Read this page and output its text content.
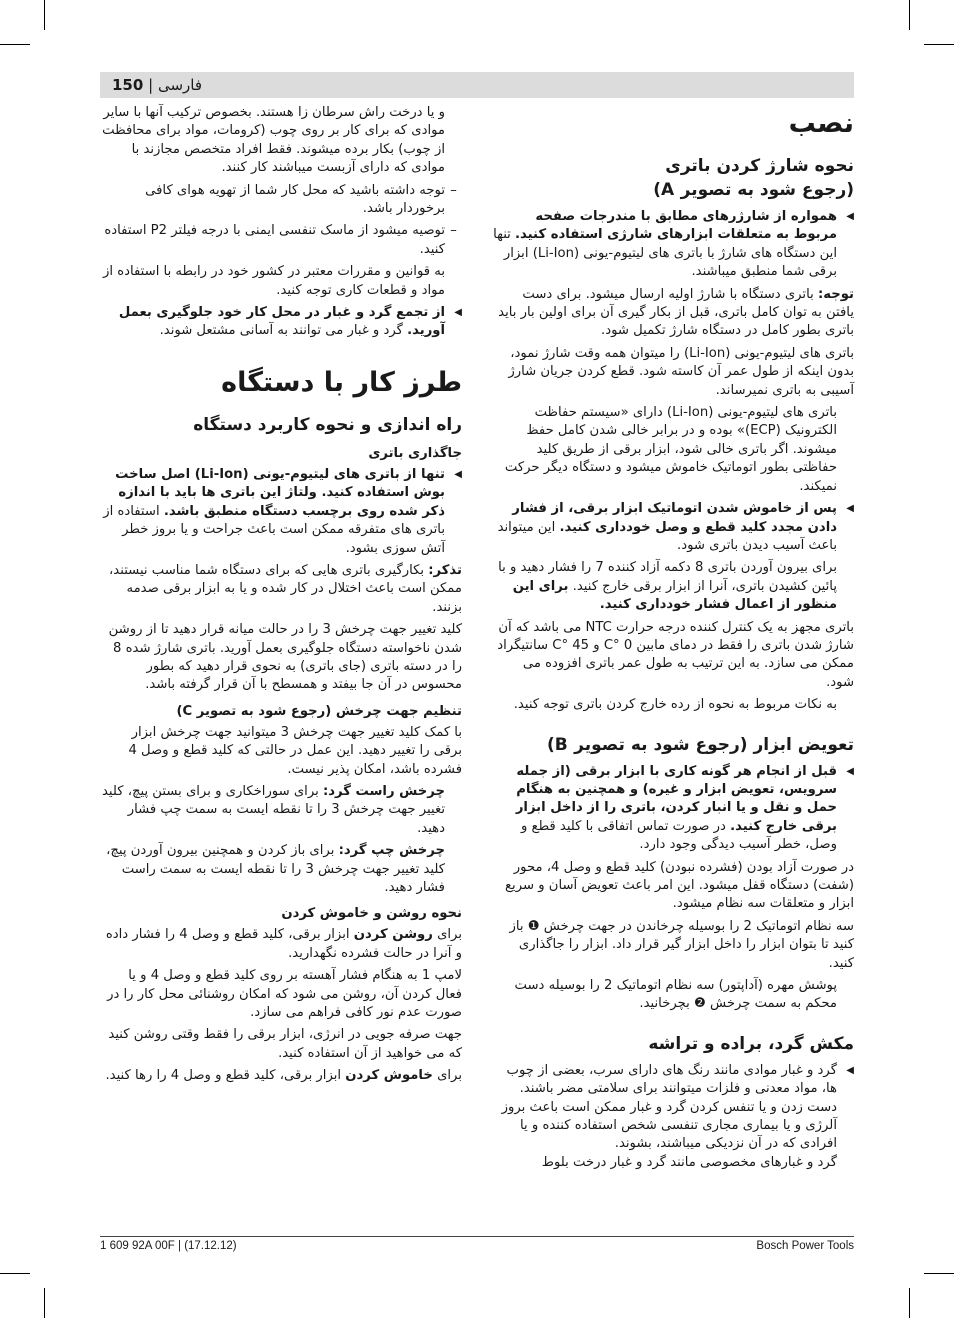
150 | فارسی
نصب
نحوه شارژ کردن باتری
(رجوع شود به تصویر A)
◀
همواره از شارژرهای مطابق با مندرجات صفحه مربوط به متعلقات ابزارهای شارژی استفاده کنید. تنها این دستگاه های شارژ با باتری های لیتیوم-یونی (Li-Ion) ابزار برقی شما منطبق میباشند.

توجه: باتری دستگاه با شارژ اولیه ارسال میشود. برای دست یافتن به توان کامل باتری، قبل از بکار گیری آن برای اولین بار باید باتری بطور کامل در دستگاه شارژ تکمیل شود.

باتری های لیتیوم-یونی (Li-Ion) را میتوان همه وقت شارژ نمود، بدون اینکه از طول عمر آن کاسته شود. قطع کردن جریان شارژ آسیبی به باتری نمیرساند.

باتری های لیتیوم-یونی (Li-Ion) دارای «سیستم حفاظت الکترونیک (ECP)» بوده و در برابر خالی شدن کامل حفظ میشوند. اگر باتری خالی شود، ابزار برقی از طریق کلید حفاظتی بطور اتوماتیک خاموش میشود و دستگاه دیگر حرکت نمیکند.

◀
پس از خاموش شدن اتوماتیک ابزار برقی، از فشار دادن مجدد کلید قطع و وصل خودداری کنید. این میتواند باعث آسیب دیدن باتری شود.

برای بیرون آوردن باتری 8 دکمه آزاد کننده 7 را فشار دهید و با پائین کشیدن باتری، آنرا از ابزار برقی خارج کنید. برای این منظور از اعمال فشار خودداری کنید.

باتری مجهز به یک کنترل کننده درجه حرارت NTC می باشد که آن شارژ شدن باتری را فقط در دمای مابین 0 °C و 45 °C سانتیگراد ممکن می سازد. به این ترتیب به طول عمر باتری افزوده می شود.

به نکات مربوط به نحوه از رده خارج کردن باتری توجه کنید.

تعویض ابزار (رجوع شود به تصویر B)
◀
قبل از انجام هر گونه کاری با ابزار برقی (از جمله سرویس، تعویض ابزار و غیره) و همچنین به هنگام حمل و نقل و یا انبار کردن، باتری را از داخل ابزار برقی خارج کنید. در صورت تماس اتفاقی با کلید قطع و وصل، خطر آسیب دیدگی وجود دارد.

در صورت آزاد بودن (فشرده نبودن) کلید قطع و وصل 4، محور (شفت) دستگاه قفل میشود. این امر باعث تعویض آسان و سریع ابزار و متعلقات سه نظام میشود.

سه نظام اتوماتیک 2 را بوسیله چرخاندن در جهت چرخش ❶ باز کنید تا بتوان ابزار را داخل ابزار گیر قرار داد. ابزار را جاگذاری کنید.

پوشش مهره (آداپتور) سه نظام اتوماتیک 2 را بوسیله دست محکم به سمت چرخش ❷ بچرخانید.

مکش گرد، براده و تراشه
◀
گرد و غبار موادی مانند رنگ های دارای سرب، بعضی از چوب ها، مواد معدنی و فلزات میتوانند برای سلامتی مضر باشند. دست زدن و یا تنفس کردن گرد و غبار ممکن است باعث بروز آلرژی و یا بیماری مجاری تنفسی شخص استفاده کننده و یا افرادی که در آن نزدیکی میباشند، بشوند.
گرد و غبارهای مخصوصی مانند گرد و غبار درخت بلوط

و یا درخت راش سرطان زا هستند. بخصوص ترکیب آنها با سایر موادی که برای کار بر روی چوب (کرومات، مواد برای محافظت از چوب) بکار برده میشوند. فقط افراد متخصص مجازند با موادی که دارای آزبست میباشند کار کنند.

–
توجه داشته باشید که محل کار شما از تهویه هوای کافی برخوردار باشد.
–
توصیه میشود از ماسک تنفسی ایمنی با درجه فیلتر P2 استفاده کنید.

به قوانین و مقررات معتبر در کشور خود در رابطه با استفاده از مواد و قطعات کاری توجه کنید.

◀
از تجمع گرد و غبار در محل کار خود جلوگیری بعمل آورید. گرد و غبار می توانند به آسانی مشتعل شوند.
طرز کار با دستگاه
راه اندازی و نحوه کاربرد دستگاه
جاگذاری باتری
◀
تنها از باتری های لیتیوم-یونی (Li-Ion) اصل ساخت بوش استفاده کنید. ولتاژ این باتری ها باید با اندازه ذکر شده روی برچسب دستگاه منطبق باشد. استفاده از باتری های متفرقه ممکن است باعث جراحت و یا بروز خطر آتش سوزی بشود.

تذکر: بکارگیری باتری هایی که برای دستگاه شما مناسب نیستند، ممکن است باعث اختلال در کار شده و یا به ابزار برقی صدمه بزنند.

کلید تغییر جهت چرخش 3 را در حالت میانه قرار دهید تا از روشن شدن ناخواسته دستگاه جلوگیری بعمل آورید. باتری شارژ شده 8 را در دسته باتری (جای باتری) به نحوی قرار دهید که بطور محسوس در آن جا بیفتد و همسطح با آن قرار گرفته باشد.

تنظیم جهت چرخش (رجوع شود به تصویر C)

با کمک کلید تغییر جهت چرخش 3 میتوانید جهت چرخش ابزار برقی را تغییر دهید. این عمل در حالتی که کلید قطع و وصل 4 فشرده باشد، امکان پذیر نیست.

چرخش راست گرد: برای سوراخکاری و برای بستن پیچ، کلید تغییر جهت چرخش 3 را تا نقطه ایست به سمت چپ فشار دهید.

چرخش چپ گرد: برای باز کردن و همچنین بیرون آوردن پیچ، کلید تغییر جهت چرخش 3 را تا نقطه ایست به سمت راست فشار دهید.

نحوه روشن و خاموش کردن

برای روشن کردن ابزار برقی، کلید قطع و وصل 4 را فشار داده و آنرا در حالت فشرده نگهدارید.

لامپ 1 به هنگام فشار آهسته بر روی کلید قطع و وصل 4 و یا فعال کردن آن، روشن می شود که امکان روشنائی محل کار را در صورت عدم نور کافی فراهم می سازد.

جهت صرفه جویی در انرژی، ابزار برقی را فقط وقتی روشن کنید که می خواهید از آن استفاده کنید.

برای خاموش کردن ابزار برقی، کلید قطع و وصل 4 را رها کنید.

1 609 92A 00F | (17.12.12)	Bosch Power Tools
